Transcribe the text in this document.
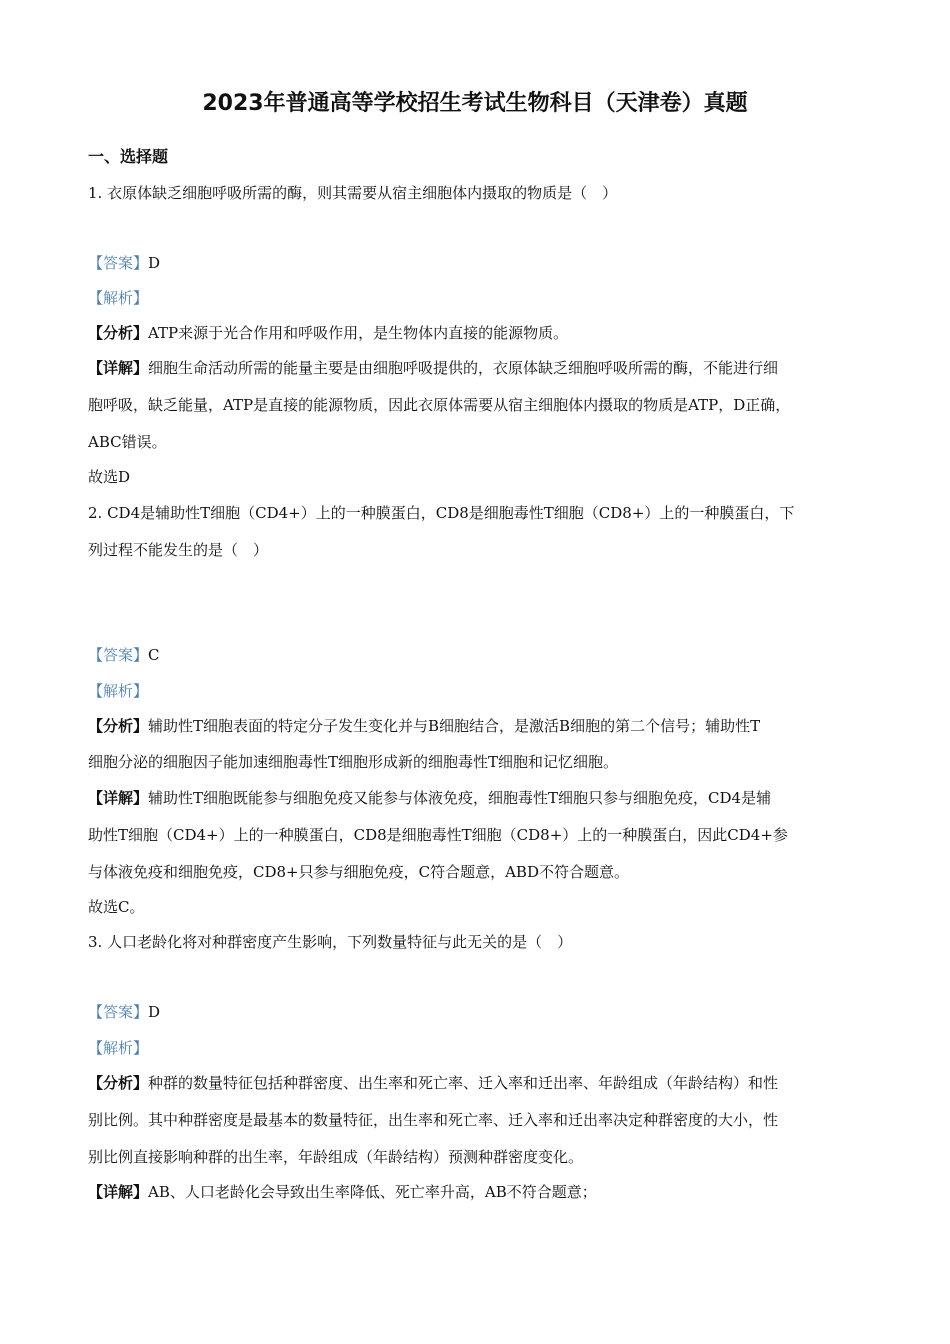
2023年普通高等学校招生考试生物科目（天津卷）真题
一、选择题
1. 衣原体缺乏细胞呼吸所需的酶，则其需要从宿主细胞体内摄取的物质是（　）
【答案】D
【解析】
【分析】ATP来源于光合作用和呼吸作用，是生物体内直接的能源物质。
【详解】细胞生命活动所需的能量主要是由细胞呼吸提供的，衣原体缺乏细胞呼吸所需的酶，不能进行细
胞呼吸，缺乏能量，ATP是直接的能源物质，因此衣原体需要从宿主细胞体内摄取的物质是ATP，D正确，
ABC错误。
故选D
2. CD4是辅助性T细胞（CD4+）上的一种膜蛋白，CD8是细胞毒性T细胞（CD8+）上的一种膜蛋白，下
列过程不能发生的是（　）
【答案】C
【解析】
【分析】辅助性T细胞表面的特定分子发生变化并与B细胞结合，是激活B细胞的第二个信号；辅助性T
细胞分泌的细胞因子能加速细胞毒性T细胞形成新的细胞毒性T细胞和记忆细胞。
【详解】辅助性T细胞既能参与细胞免疫又能参与体液免疫，细胞毒性T细胞只参与细胞免疫，CD4是辅
助性T细胞（CD4+）上的一种膜蛋白，CD8是细胞毒性T细胞（CD8+）上的一种膜蛋白，因此CD4+参
与体液免疫和细胞免疫，CD8+只参与细胞免疫，C符合题意，ABD不符合题意。
故选C。
3. 人口老龄化将对种群密度产生影响，下列数量特征与此无关的是（　）
【答案】D
【解析】
【分析】种群的数量特征包括种群密度、出生率和死亡率、迁入率和迁出率、年龄组成（年龄结构）和性
别比例。其中种群密度是最基本的数量特征，出生率和死亡率、迁入率和迁出率决定种群密度的大小，性
别比例直接影响种群的出生率，年龄组成（年龄结构）预测种群密度变化。
【详解】AB、人口老龄化会导致出生率降低、死亡率升高，AB不符合题意；
